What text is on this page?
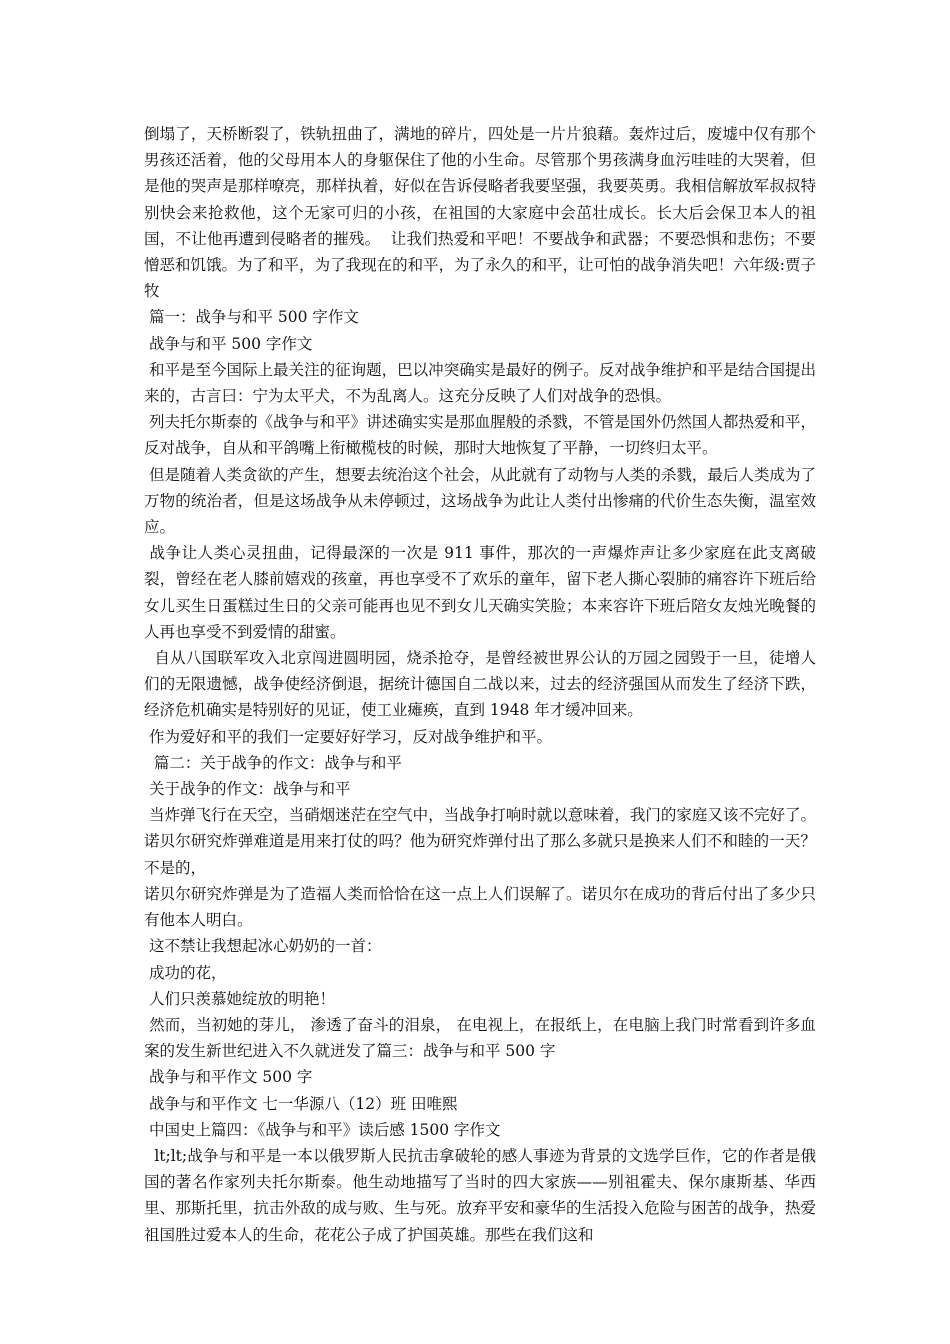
倒塌了，天桥断裂了，铁轨扭曲了，满地的碎片，四处是一片片狼藉。轰炸过后，废墟中仅有那个男孩还活着，他的父母用本人的身躯保住了他的小生命。尽管那个男孩满身血污哇哇的大哭着，但是他的哭声是那样嘹亮，那样执着，好似在告诉侵略者我要坚强，我要英勇。我相信解放军叔叔特别快会来抢救他，这个无家可归的小孩，在祖国的大家庭中会茁壮成长。长大后会保卫本人的祖国，不让他再遭到侵略者的摧残。  让我们热爱和平吧！不要战争和武器；不要恐惧和悲伤；不要憎恶和饥饿。为了和平，为了我现在的和平，为了永久的和平，让可怕的战争消失吧！六年级:贾子牧

篇一：战争与和平 500 字作文

战争与和平 500 字作文

和平是至今国际上最关注的征询题，巴以冲突确实是最好的例子。反对战争维护和平是结合国提出来的，古言曰：宁为太平犬，不为乱离人。这充分反映了人们对战争的恐惧。

列夫托尔斯泰的《战争与和平》讲述确实实是那血腥般的杀戮，不管是国外仍然国人都热爱和平，反对战争，自从和平鸽嘴上衔橄榄枝的时候，那时大地恢复了平静，一切终归太平。

但是随着人类贪欲的产生，想要去统治这个社会，从此就有了动物与人类的杀戮，最后人类成为了万物的统治者，但是这场战争从未停顿过，这场战争为此让人类付出惨痛的代价生态失衡，温室效应。

战争让人类心灵扭曲，记得最深的一次是 911 事件，那次的一声爆炸声让多少家庭在此支离破裂，曾经在老人膝前嬉戏的孩童，再也享受不了欢乐的童年，留下老人撕心裂肺的痛容许下班后给女儿买生日蛋糕过生日的父亲可能再也见不到女儿天确实笑脸；本来容许下班后陪女友烛光晚餐的人再也享受不到爱情的甜蜜。

自从八国联军攻入北京闯进圆明园，烧杀抢夺，是曾经被世界公认的万园之园毁于一旦，徒增人们的无限遗憾，战争使经济倒退，据统计德国自二战以来，过去的经济强国从而发生了经济下跌，经济危机确实是特别好的见证，使工业瘫痪，直到 1948 年才缓冲回来。

作为爱好和平的我们一定要好好学习，反对战争维护和平。

篇二：关于战争的作文：战争与和平

关于战争的作文：战争与和平

当炸弹飞行在天空，当硝烟迷茫在空气中，当战争打响时就以意味着，我门的家庭又该不完好了。诺贝尔研究炸弹难道是用来打仗的吗？他为研究炸弹付出了那么多就只是换来人们不和睦的一天？不是的，

诺贝尔研究炸弹是为了造福人类而恰恰在这一点上人们误解了。诺贝尔在成功的背后付出了多少只有他本人明白。

这不禁让我想起冰心奶奶的一首：

成功的花，

人们只羡慕她绽放的明艳！

然而，当初她的芽儿， 渗透了奋斗的泪泉， 在电视上，在报纸上，在电脑上我门时常看到许多血案的发生新世纪进入不久就迸发了篇三：战争与和平 500 字

战争与和平作文 500 字

战争与和平作文 七一华源八（12）班 田唯熙

中国史上篇四：《战争与和平》读后感 1500 字作文

lt;lt;战争与和平是一本以俄罗斯人民抗击拿破轮的感人事迹为背景的文选学巨作，它的作者是俄国的著名作家列夫托尔斯泰。他生动地描写了当时的四大家族——别祖霍夫、保尔康斯基、华西里、那斯托里，抗击外敌的成与败、生与死。放弃平安和豪华的生活投入危险与困苦的战争，热爱祖国胜过爱本人的生命，花花公子成了护国英雄。那些在我们这和
